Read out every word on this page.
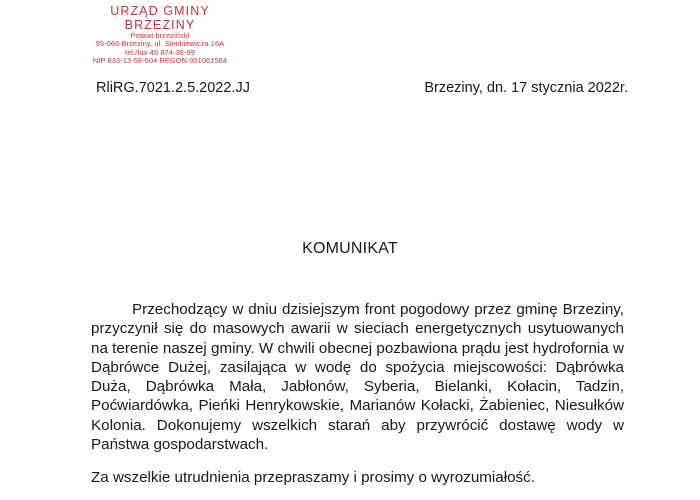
URZĄD GMINY BRZEZINY
Powiat brzeziński
95-060 Brzeziny, ul. Sienkiewicza 16A
tel./fax 46 874-36-99
NIP 833-13-58-604 REGON 001061564
RliRG.7021.2.5.2022.JJ	Brzeziny, dn. 17 stycznia 2022r.
KOMUNIKAT

Przechodzący w dniu dzisiejszym front pogodowy przez gminę Brzeziny, przyczynił się do masowych awarii w sieciach energetycznych usytuowanych na terenie naszej gminy. W chwili obecnej pozbawiona prądu jest hydrofornia w Dąbrówce Dużej, zasilająca w wodę do spożycia miejscowości: Dąbrówka Duża, Dąbrówka Mała, Jabłonów, Syberia, Bielanki, Kołacin, Tadzin, Poćwiardówka, Pieńki Henrykowskie, Marianów Kołacki, Żabieniec, Niesułków Kolonia. Dokonujemy wszelkich starań aby przywrócić dostawę wody w Państwa gospodarstwach.

Za wszelkie utrudnienia przepraszamy i prosimy o wyrozumiałość.
